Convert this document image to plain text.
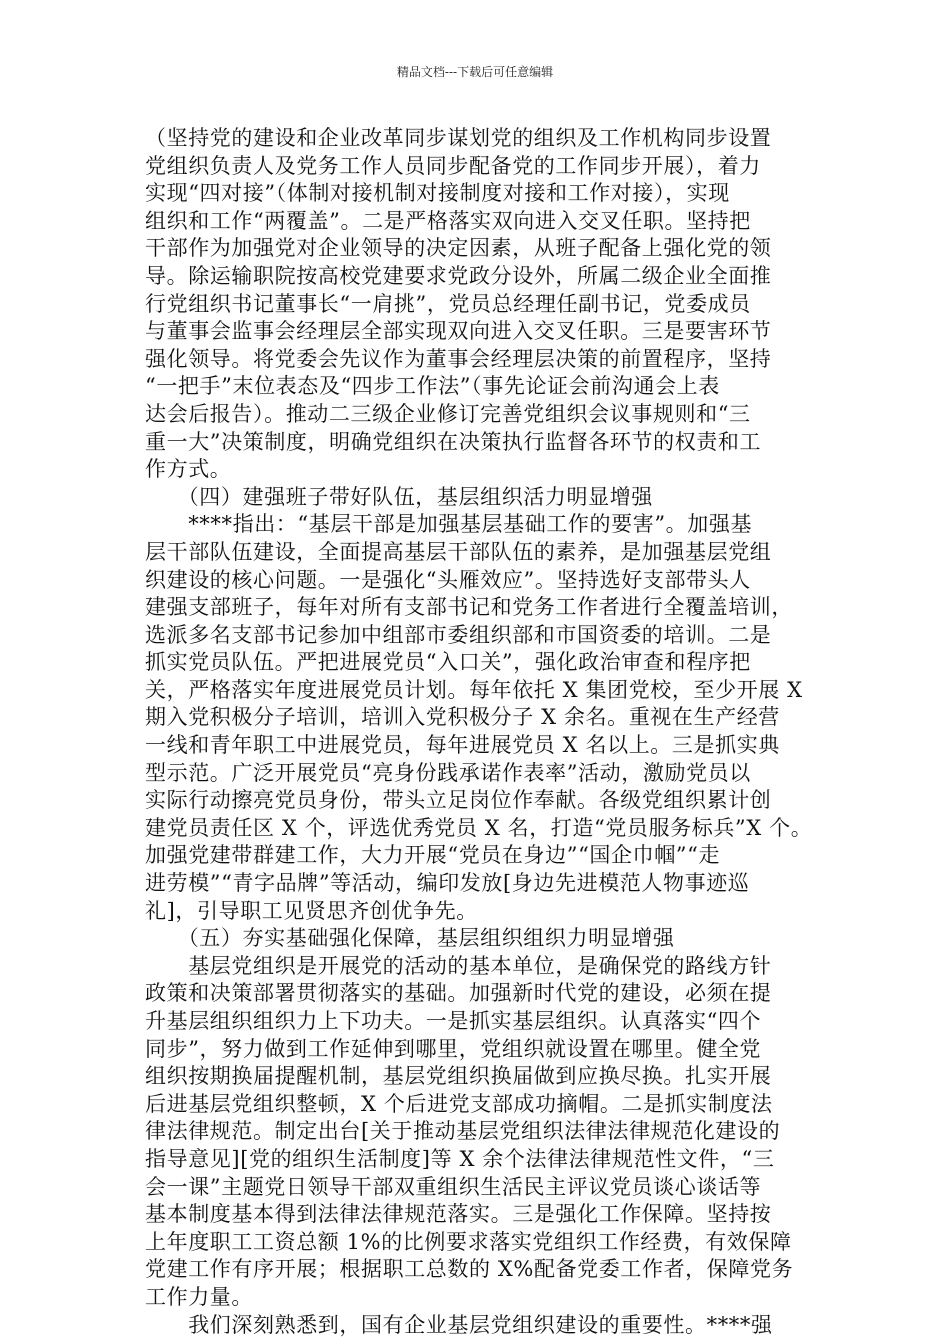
精品文档---下载后可任意编辑
（坚持党的建设和企业改革同步谋划党的组织及工作机构同步设置
党组织负责人及党务工作人员同步配备党的工作同步开展），着力
实现“四对接”（体制对接机制对接制度对接和工作对接），实现
组织和工作“两覆盖”。二是严格落实双向进入交叉任职。坚持把
干部作为加强党对企业领导的决定因素，从班子配备上强化党的领
导。除运输职院按高校党建要求党政分设外，所属二级企业全面推
行党组织书记董事长“一肩挑”，党员总经理任副书记，党委成员
与董事会监事会经理层全部实现双向进入交叉任职。三是要害环节
强化领导。将党委会先议作为董事会经理层决策的前置程序，坚持
“一把手”末位表态及“四步工作法”（事先论证会前沟通会上表
达会后报告）。推动二三级企业修订完善党组织会议事规则和“三
重一大”决策制度，明确党组织在决策执行监督各环节的权责和工
作方式。
　　（四）建强班子带好队伍，基层组织活力明显增强
　　****指出：“基层干部是加强基层基础工作的要害”。加强基
层干部队伍建设，全面提高基层干部队伍的素养，是加强基层党组
织建设的核心问题。一是强化“头雁效应”。坚持选好支部带头人
建强支部班子，每年对所有支部书记和党务工作者进行全覆盖培训，
选派多名支部书记参加中组部市委组织部和市国资委的培训。二是
抓实党员队伍。严把进展党员“入口关”，强化政治审查和程序把
关，严格落实年度进展党员计划。每年依托 X 集团党校，至少开展 X
期入党积极分子培训，培训入党积极分子 X 余名。重视在生产经营
一线和青年职工中进展党员，每年进展党员 X 名以上。三是抓实典
型示范。广泛开展党员“亮身份践承诺作表率”活动，激励党员以
实际行动擦亮党员身份，带头立足岗位作奉献。各级党组织累计创
建党员责任区 X 个，评选优秀党员 X 名，打造“党员服务标兵”X 个。
加强党建带群建工作，大力开展“党员在身边”“国企巾帼”“走
进劳模”“青字品牌”等活动，编印发放[身边先进模范人物事迹巡
礼]，引导职工见贤思齐创优争先。
　　（五）夯实基础强化保障，基层组织组织力明显增强
　　基层党组织是开展党的活动的基本单位，是确保党的路线方针
政策和决策部署贯彻落实的基础。加强新时代党的建设，必须在提
升基层组织组织力上下功夫。一是抓实基层组织。认真落实“四个
同步”，努力做到工作延伸到哪里，党组织就设置在哪里。健全党
组织按期换届提醒机制，基层党组织换届做到应换尽换。扎实开展
后进基层党组织整顿，X 个后进党支部成功摘帽。二是抓实制度法
律法律规范。制定出台[关于推动基层党组织法律法律规范化建设的
指导意见][党的组织生活制度]等 X 余个法律法律规范性文件，“三
会一课”主题党日领导干部双重组织生活民主评议党员谈心谈话等
基本制度基本得到法律法律规范落实。三是强化工作保障。坚持按
上年度职工工资总额 1%的比例要求落实党组织工作经费，有效保障
党建工作有序开展；根据职工总数的 X%配备党委工作者，保障党务
工作力量。
　　我们深刻熟悉到，国有企业基层党组织建设的重要性。****强
